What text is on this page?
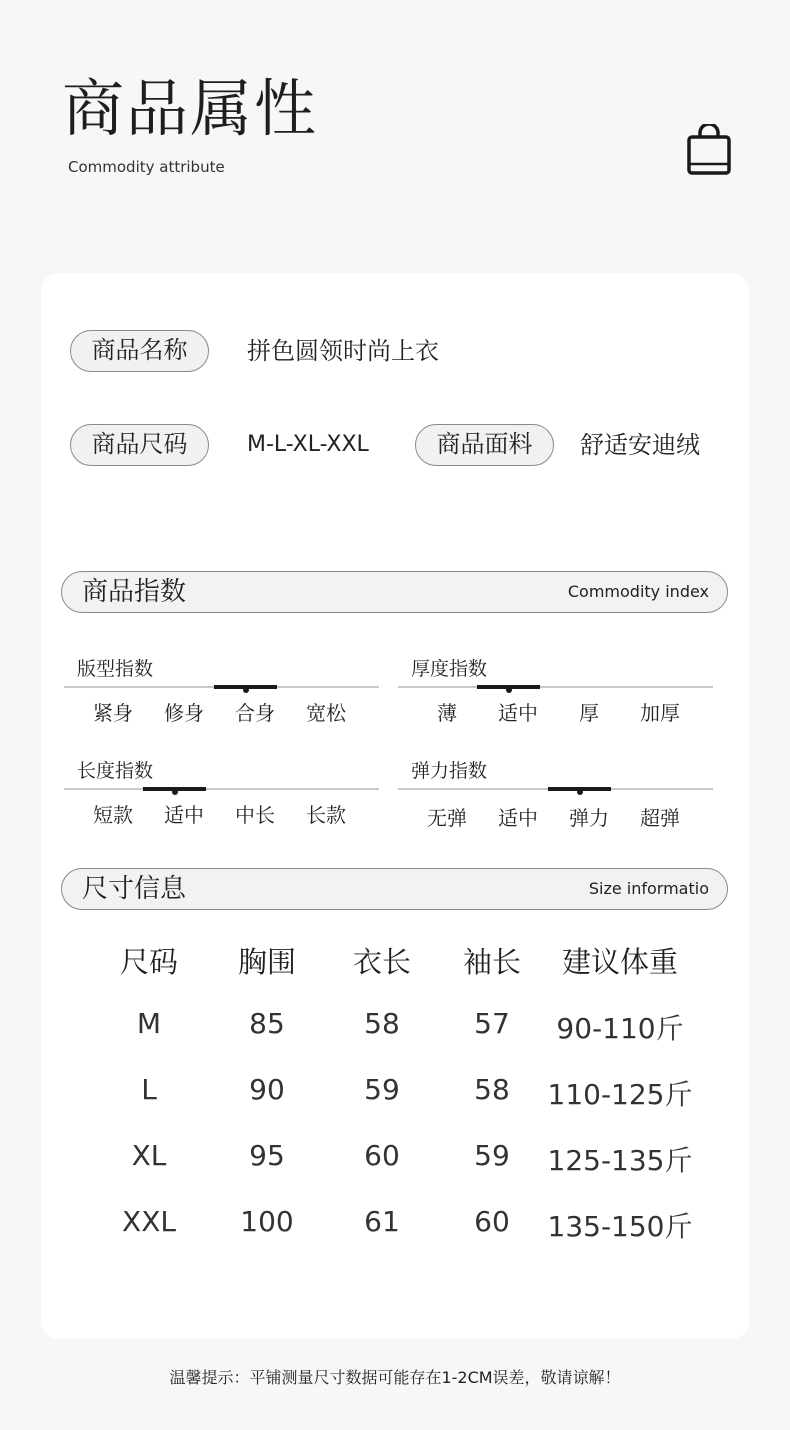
商品属性
Commodity attribute
商品名称	拼色圆领时尚上衣
商品尺码	M-L-XL-XXL	商品面料	舒适安迪绒
商品指数	Commodity index
版型指数
紧身	修身	合身	宽松
厚度指数
薄	适中	厚	加厚
长度指数
短款	适中	中长	长款
弹力指数
无弹	适中	弹力	超弹
尺寸信息	Size informatio
尺码 胸围 衣长 袖长 建议体重
M	85	58	57 90-110斤
L	90	59	58 110-125斤
XL	95	60	59 125-135斤
XXL 100	61	60 135-150斤
温馨提示：平铺测量尺寸数据可能存在1-2CM误差，敬请谅解！
